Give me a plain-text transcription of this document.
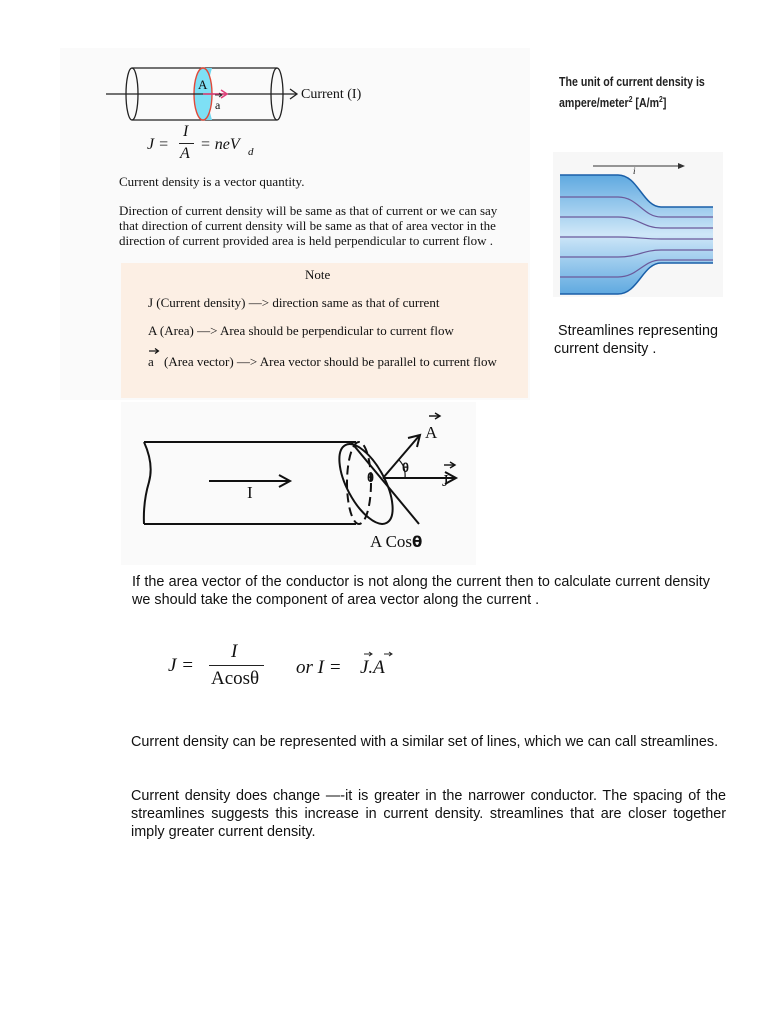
A
a
Current (I)
J =
I
A
= neV d
The unit of current density is
ampere/meter$^2$ $[A/m^2]$
Current density is a vector quantity.
Direction of current density will be same as that of current or we can say
that direction of current density will be same as that of area vector in the
direction of current provided area is held perpendicular to current flow .
Note
J (Current density) —> direction same as that of current
A (Area) —> Area should be perpendicular to current flow
a (Area vector) —> Area vector should be parallel to current flow
i
Streamlines representing
current density .
I
A
J
θ
θ
A Cosθ
If the area vector of the conductor is not along the current then to calculate current density we should take the component of area vector along the current .
J =
I
Acosθ
or I = J.A
Current density can be represented with a similar set of lines, which we can call streamlines.
Current density does change —-it is greater in the narrower conductor. The spacing of the streamlines suggests this increase in current density. streamlines that are closer together imply greater current density.
